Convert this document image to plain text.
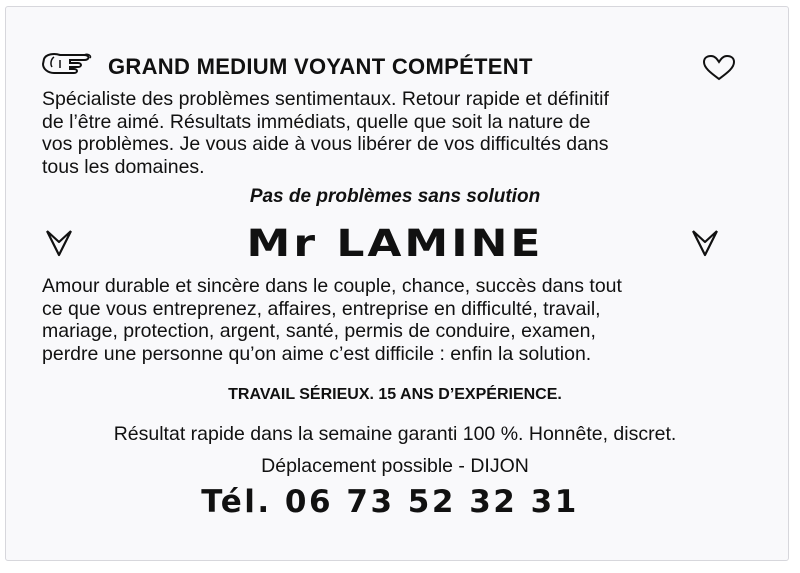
GRAND MEDIUM VOYANT COMPÉTENT
Spécialiste des problèmes sentimentaux. Retour rapide et définitif
de l’être aimé. Résultats immédiats, quelle que soit la nature de
vos problèmes. Je vous aide à vous libérer de vos difficultés dans
tous les domaines.
Pas de problèmes sans solution
Mr LAMINE
Amour durable et sincère dans le couple, chance, succès dans tout
ce que vous entreprenez, affaires, entreprise en difficulté, travail,
mariage, protection, argent, santé, permis de conduire, examen,
perdre une personne qu’on aime c’est difficile : enfin la solution.
TRAVAIL SÉRIEUX. 15 ANS D’EXPÉRIENCE.
Résultat rapide dans la semaine garanti 100 %. Honnête, discret.
Déplacement possible - DIJON
Tél. 06 73 52 32 31
